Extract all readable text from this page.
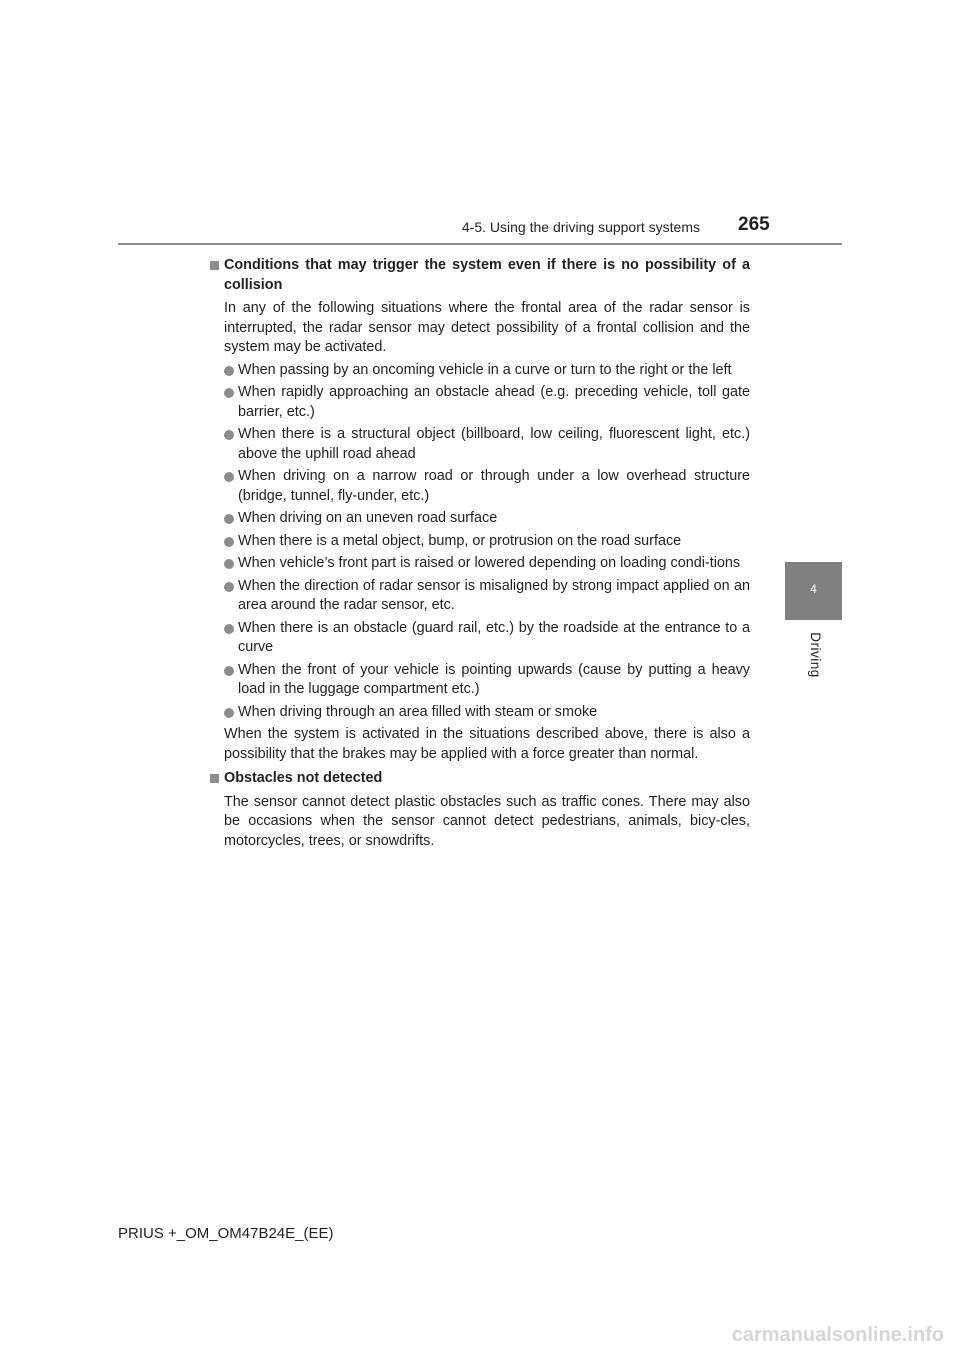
4-5. Using the driving support systems 265
4
Driving
Conditions that may trigger the system even if there is no possibility of a collision
In any of the following situations where the frontal area of the radar sensor is interrupted, the radar sensor may detect possibility of a frontal collision and the system may be activated.
When passing by an oncoming vehicle in a curve or turn to the right or the left
When rapidly approaching an obstacle ahead (e.g. preceding vehicle, toll gate barrier, etc.)
When there is a structural object (billboard, low ceiling, fluorescent light, etc.) above the uphill road ahead
When driving on a narrow road or through under a low overhead structure (bridge, tunnel, fly-under, etc.)
When driving on an uneven road surface
When there is a metal object, bump, or protrusion on the road surface
When vehicle’s front part is raised or lowered depending on loading condi-tions
When the direction of radar sensor is misaligned by strong impact applied on an area around the radar sensor, etc.
When there is an obstacle (guard rail, etc.) by the roadside at the entrance to a curve
When the front of your vehicle is pointing upwards (cause by putting a heavy load in the luggage compartment etc.)
When driving through an area filled with steam or smoke
When the system is activated in the situations described above, there is also a possibility that the brakes may be applied with a force greater than normal.
Obstacles not detected
The sensor cannot detect plastic obstacles such as traffic cones. There may also be occasions when the sensor cannot detect pedestrians, animals, bicy-cles, motorcycles, trees, or snowdrifts.
PRIUS +_OM_OM47B24E_(EE)
carmanualsonline.info
